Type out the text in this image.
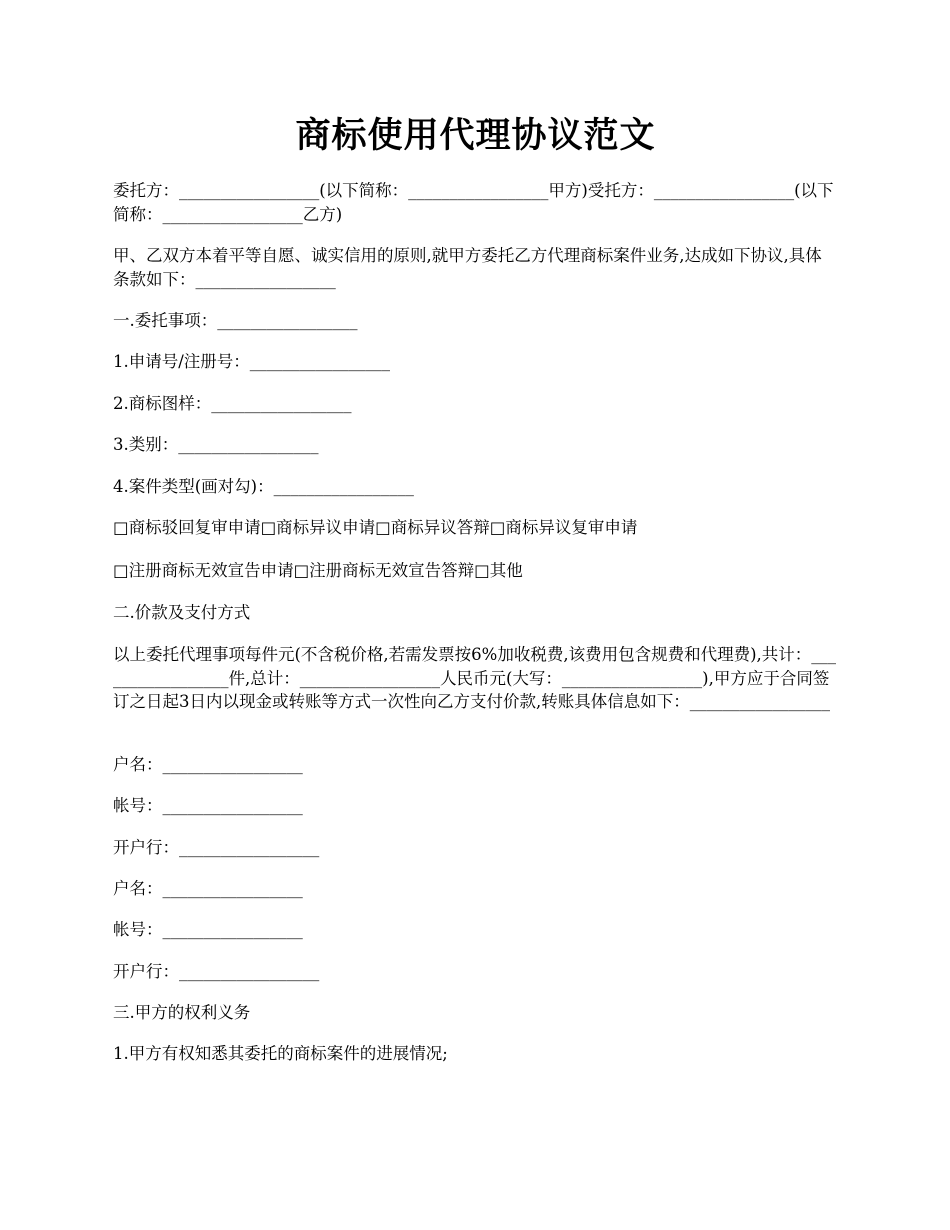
商标使用代理协议范文
委托方：_________________(以下简称：_________________甲方)受托方：_________________(以下简称：_________________乙方)
甲、乙双方本着平等自愿、诚实信用的原则,就甲方委托乙方代理商标案件业务,达成如下协议,具体条款如下：_________________
一.委托事项：_________________
1.申请号/注册号：_________________
2.商标图样：_________________
3.类别：_________________
4.案件类型(画对勾)：_________________
□商标驳回复审申请□商标异议申请□商标异议答辩□商标异议复审申请
□注册商标无效宣告申请□注册商标无效宣告答辩□其他
二.价款及支付方式
以上委托代理事项每件元(不含税价格,若需发票按6%加收税费,该费用包含规费和代理费),共计：_________________件,总计：_________________人民币元(大写：_________________),甲方应于合同签订之日起3日内以现金或转账等方式一次性向乙方支付价款,转账具体信息如下：_________________
户名：_________________
帐号：_________________
开户行：_________________
户名：_________________
帐号：_________________
开户行：_________________
三.甲方的权利义务
1.甲方有权知悉其委托的商标案件的进展情况;
